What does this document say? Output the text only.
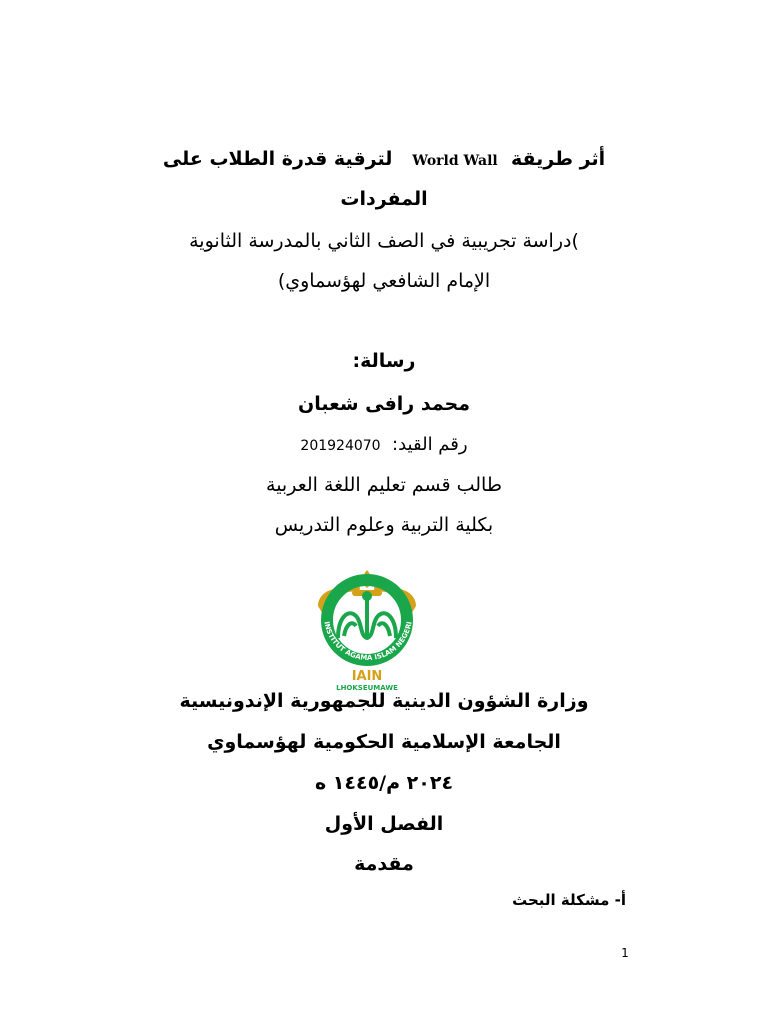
أثر طريقة  World Wall   لترقية قدرة الطلاب على
المفردات
)دراسة تجريبية في الصف الثاني بالمدرسة الثانوية
الإمام الشافعي لهؤسماوي)
رسالة:
محمد رافى شعبان
رقم القيد:  201924070
طالب قسم تعليم اللغة العربية
بكلية التربية وعلوم التدريس
INSTITUT AGAMA ISLAM NEGERI
IAIN
LHOKSEUMAWE
وزارة الشؤون الدينية للجمهورية الإندونيسية
الجامعة الإسلامية الحكومية لهؤسماوي
٢٠٢٤ م/١٤٤٥ ه
الفصل الأول
مقدمة
أ- مشكلة البحث
1
